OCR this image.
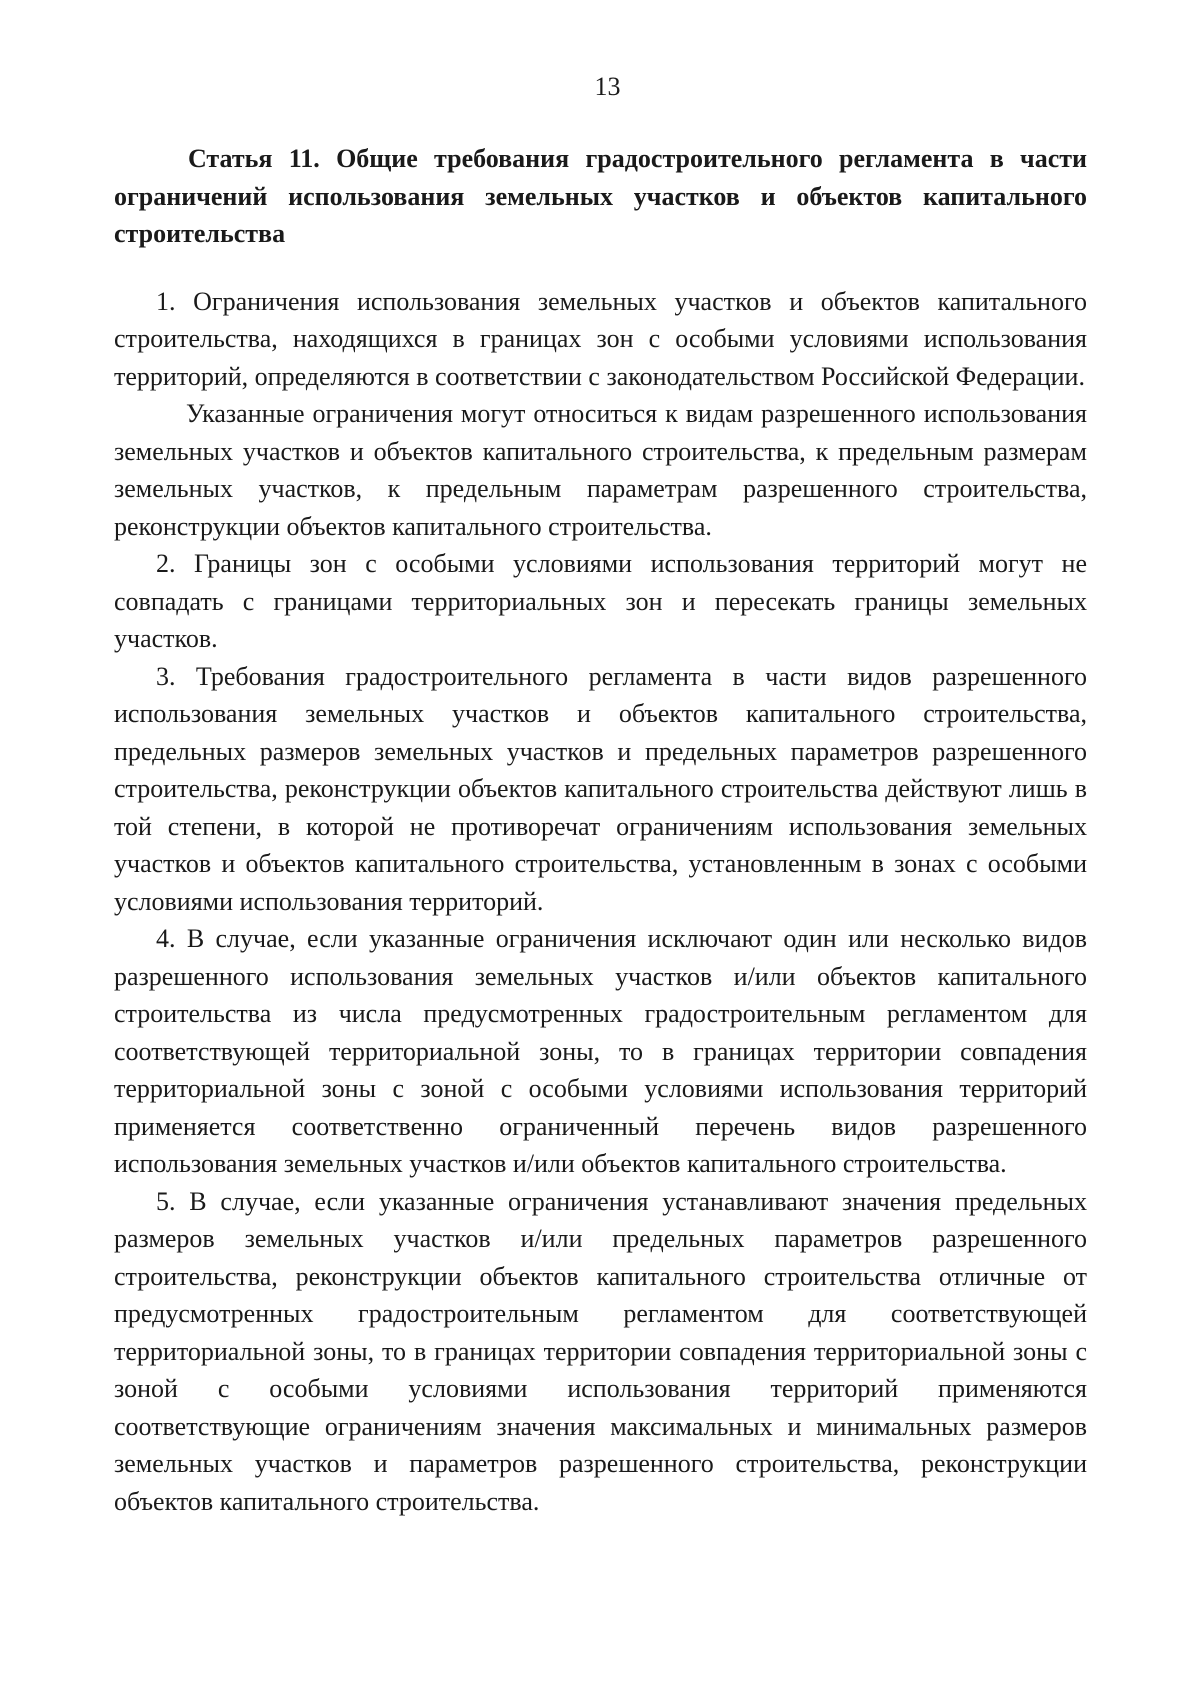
13
Статья 11. Общие требования градостроительного регламента в части ограничений использования земельных участков и объектов капитального строительства

1. Ограничения использования земельных участков и объектов капитального строительства, находящихся в границах зон с особыми условиями использования территорий, определяются в соответствии с законодательством Российской Федерации.

Указанные ограничения могут относиться к видам разрешенного использования земельных участков и объектов капитального строительства, к предельным размерам земельных участков, к предельным параметрам разрешенного строительства, реконструкции объектов капитального строительства.

2. Границы зон с особыми условиями использования территорий могут не совпадать с границами территориальных зон и пересекать границы земельных участков.

3. Требования градостроительного регламента в части видов разрешенного использования земельных участков и объектов капитального строительства, предельных размеров земельных участков и предельных параметров разрешенного строительства, реконструкции объектов капитального строительства действуют лишь в той степени, в которой не противоречат ограничениям использования земельных участков и объектов капитального строительства, установленным в зонах с особыми условиями использования территорий.

4. В случае, если указанные ограничения исключают один или несколько видов разрешенного использования земельных участков и/или объектов капитального строительства из числа предусмотренных градостроительным регламентом для соответствующей территориальной зоны, то в границах территории совпадения территориальной зоны с зоной с особыми условиями использования территорий применяется соответственно ограниченный перечень видов разрешенного использования земельных участков и/или объектов капитального строительства.

5. В случае, если указанные ограничения устанавливают значения предельных размеров земельных участков и/или предельных параметров разрешенного строительства, реконструкции объектов капитального строительства отличные от предусмотренных градостроительным регламентом для соответствующей территориальной зоны, то в границах территории совпадения территориальной зоны с зоной с особыми условиями использования территорий применяются соответствующие ограничениям значения максимальных и минимальных размеров земельных участков и параметров разрешенного строительства, реконструкции объектов капитального строительства.
